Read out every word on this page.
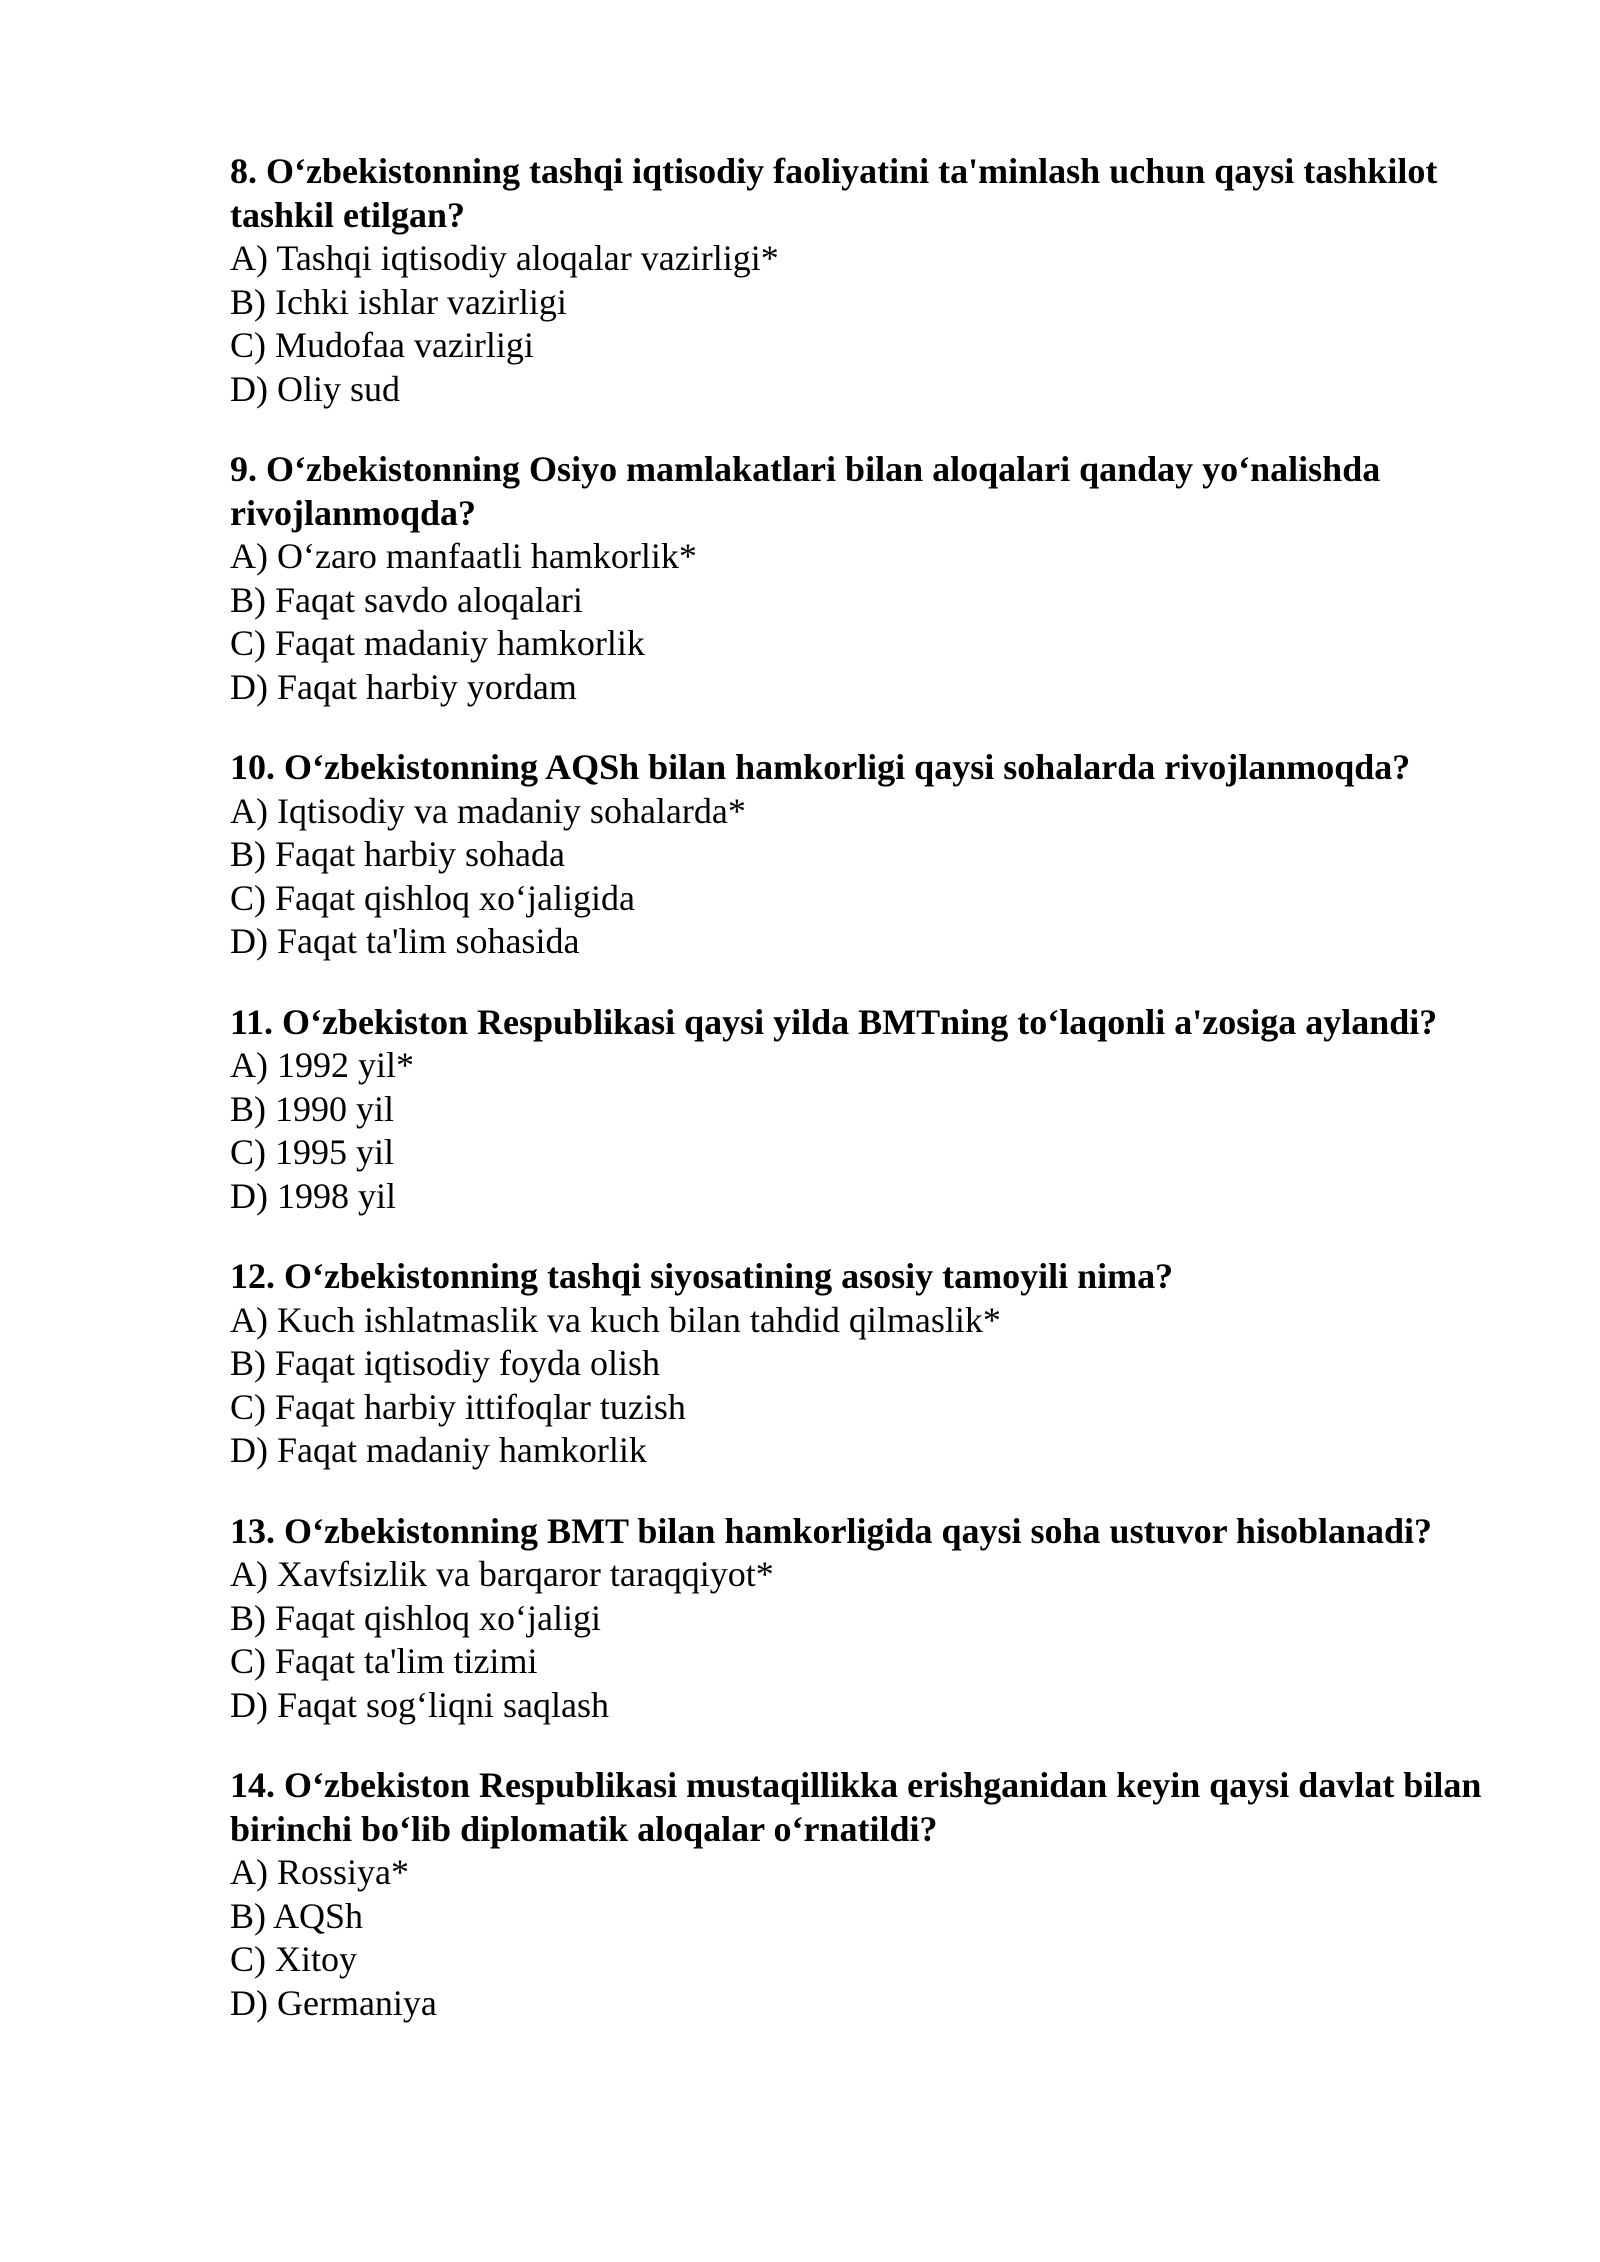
8. O‘zbekistonning tashqi iqtisodiy faoliyatini ta'minlash uchun qaysi tashkilot tashkil etilgan?

A) Tashqi iqtisodiy aloqalar vazirligi*
B) Ichki ishlar vazirligi
C) Mudofaa vazirligi
D) Oliy sud

9. O‘zbekistonning Osiyo mamlakatlari bilan aloqalari qanday yo‘nalishda rivojlanmoqda?

A) O‘zaro manfaatli hamkorlik*
B) Faqat savdo aloqalari
C) Faqat madaniy hamkorlik
D) Faqat harbiy yordam

10. O‘zbekistonning AQSh bilan hamkorligi qaysi sohalarda rivojlanmoqda?

A) Iqtisodiy va madaniy sohalarda*
B) Faqat harbiy sohada
C) Faqat qishloq xo‘jaligida
D) Faqat ta'lim sohasida

11. O‘zbekiston Respublikasi qaysi yilda BMTning to‘laqonli a'zosiga aylandi?

A) 1992 yil*
B) 1990 yil
C) 1995 yil
D) 1998 yil

12. O‘zbekistonning tashqi siyosatining asosiy tamoyili nima?

A) Kuch ishlatmaslik va kuch bilan tahdid qilmaslik*
B) Faqat iqtisodiy foyda olish
C) Faqat harbiy ittifoqlar tuzish
D) Faqat madaniy hamkorlik

13. O‘zbekistonning BMT bilan hamkorligida qaysi soha ustuvor hisoblanadi?

A) Xavfsizlik va barqaror taraqqiyot*
B) Faqat qishloq xo‘jaligi
C) Faqat ta'lim tizimi
D) Faqat sog‘liqni saqlash

14. O‘zbekiston Respublikasi mustaqillikka erishganidan keyin qaysi davlat bilan birinchi bo‘lib diplomatik aloqalar o‘rnatildi?

A) Rossiya*
B) AQSh
C) Xitoy
D) Germaniya
